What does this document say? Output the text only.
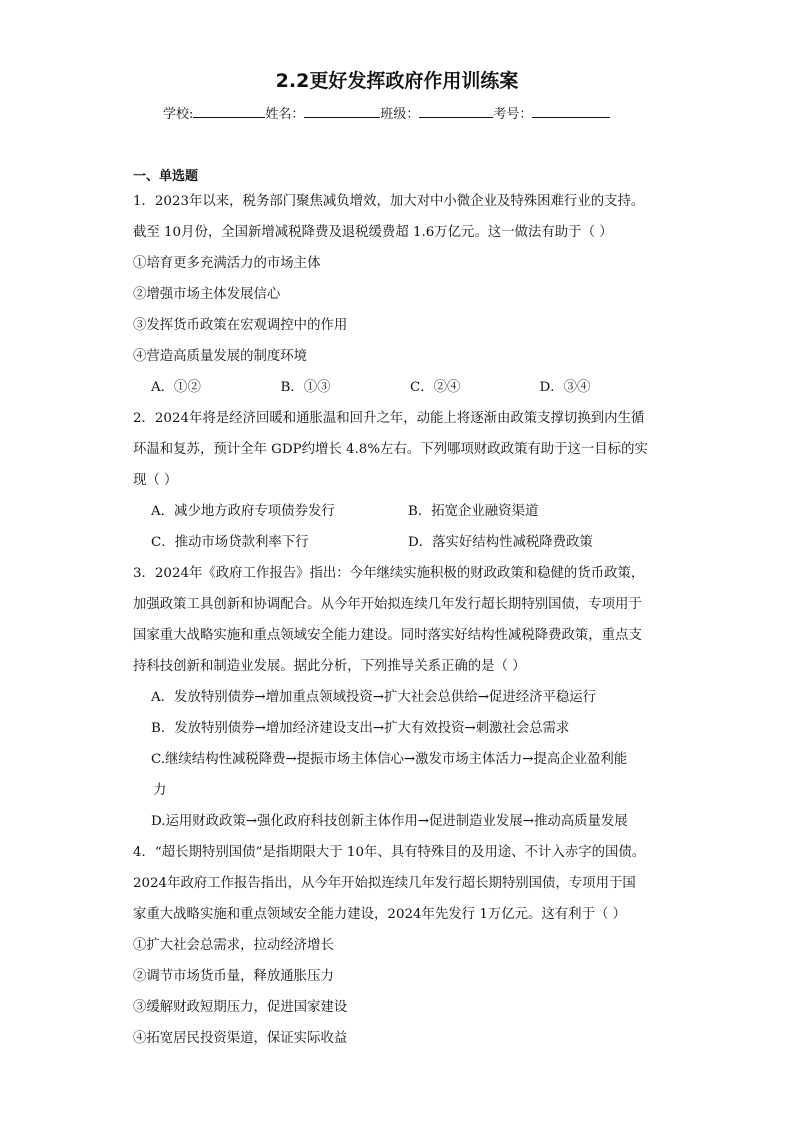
2.2更好发挥政府作用训练案
学校:	姓名：	班级：	考号：
一、单选题
1．2023年以来，税务部门聚焦减负增效，加大对中小微企业及特殊困难行业的支持。
截至 10月份，全国新增减税降费及退税缓费超 1.6万亿元。这一做法有助于（ ）
①培育更多充满活力的市场主体
②增强市场主体发展信心
③发挥货币政策在宏观调控中的作用
④营造高质量发展的制度环境
A．①②	B．①③	C．②④	D．③④
2．2024年将是经济回暖和通胀温和回升之年，动能上将逐渐由政策支撑切换到内生循
环温和复苏，预计全年 GDP约增长 4.8%左右。下列哪项财政政策有助于这一目标的实
现（ ）
A．减少地方政府专项债券发行	B．拓宽企业融资渠道
C．推动市场贷款利率下行	D．落实好结构性减税降费政策
3．2024年《政府工作报告》指出：今年继续实施积极的财政政策和稳健的货币政策，
加强政策工具创新和协调配合。从今年开始拟连续几年发行超长期特别国债，专项用于
国家重大战略实施和重点领域安全能力建设。同时落实好结构性减税降费政策，重点支
持科技创新和制造业发展。据此分析，下列推导关系正确的是（ ）
A．发放特别债券→增加重点领域投资→扩大社会总供给→促进经济平稳运行
B．发放特别债券→增加经济建设支出→扩大有效投资→刺激社会总需求
C.继续结构性减税降费→提振市场主体信心→激发市场主体活力→提高企业盈利能
力
D.运用财政政策→强化政府科技创新主体作用→促进制造业发展→推动高质量发展
4．“超长期特别国债”是指期限大于 10年、具有特殊目的及用途、不计入赤字的国债。
2024年政府工作报告指出，从今年开始拟连续几年发行超长期特别国债，专项用于国
家重大战略实施和重点领域安全能力建设，2024年先发行 1万亿元。这有利于（ ）
①扩大社会总需求，拉动经济增长
②调节市场货币量，释放通胀压力
③缓解财政短期压力，促进国家建设
④拓宽居民投资渠道，保证实际收益
